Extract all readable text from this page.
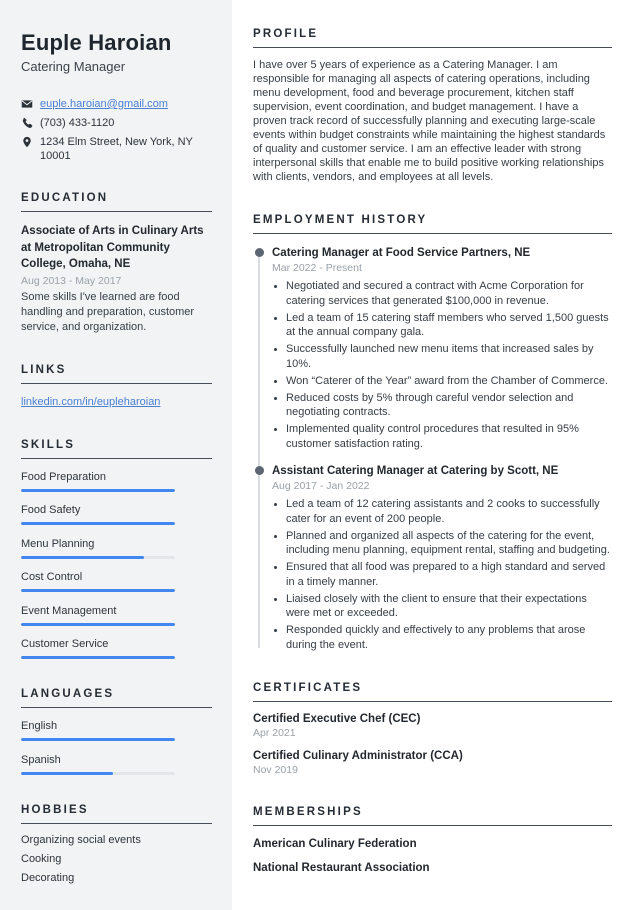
Euple Haroian
Catering Manager
euple.haroian@gmail.com
(703) 433-1120
1234 Elm Street, New York, NY 10001
EDUCATION
Associate of Arts in Culinary Arts at Metropolitan Community College, Omaha, NE
Aug 2013 - May 2017
Some skills I've learned are food handling and preparation, customer service, and organization.
LINKS
linkedin.com/in/eupleharoian
SKILLS
Food Preparation
Food Safety
Menu Planning
Cost Control
Event Management
Customer Service
LANGUAGES
English
Spanish
HOBBIES
Organizing social events
Cooking
Decorating
PROFILE

I have over 5 years of experience as a Catering Manager. I am responsible for managing all aspects of catering operations, including menu development, food and beverage procurement, kitchen staff supervision, event coordination, and budget management. I have a proven track record of successfully planning and executing large-scale events within budget constraints while maintaining the highest standards of quality and customer service. I am an effective leader with strong interpersonal skills that enable me to build positive working relationships with clients, vendors, and employees at all levels.

EMPLOYMENT HISTORY
Catering Manager at Food Service Partners, NE
Mar 2022 - Present
• Negotiated and secured a contract with Acme Corporation for catering services that generated $100,000 in revenue.
• Led a team of 15 catering staff members who served 1,500 guests at the annual company gala.
• Successfully launched new menu items that increased sales by 10%.
• Won “Caterer of the Year” award from the Chamber of Commerce.
• Reduced costs by 5% through careful vendor selection and negotiating contracts.
• Implemented quality control procedures that resulted in 95% customer satisfaction rating.
Assistant Catering Manager at Catering by Scott, NE
Aug 2017 - Jan 2022
• Led a team of 12 catering assistants and 2 cooks to successfully cater for an event of 200 people.
• Planned and organized all aspects of the catering for the event, including menu planning, equipment rental, staffing and budgeting.
• Ensured that all food was prepared to a high standard and served in a timely manner.
• Liaised closely with the client to ensure that their expectations were met or exceeded.
• Responded quickly and effectively to any problems that arose during the event.
CERTIFICATES
Certified Executive Chef (CEC)
Apr 2021
Certified Culinary Administrator (CCA)
Nov 2019
MEMBERSHIPS
American Culinary Federation
National Restaurant Association
